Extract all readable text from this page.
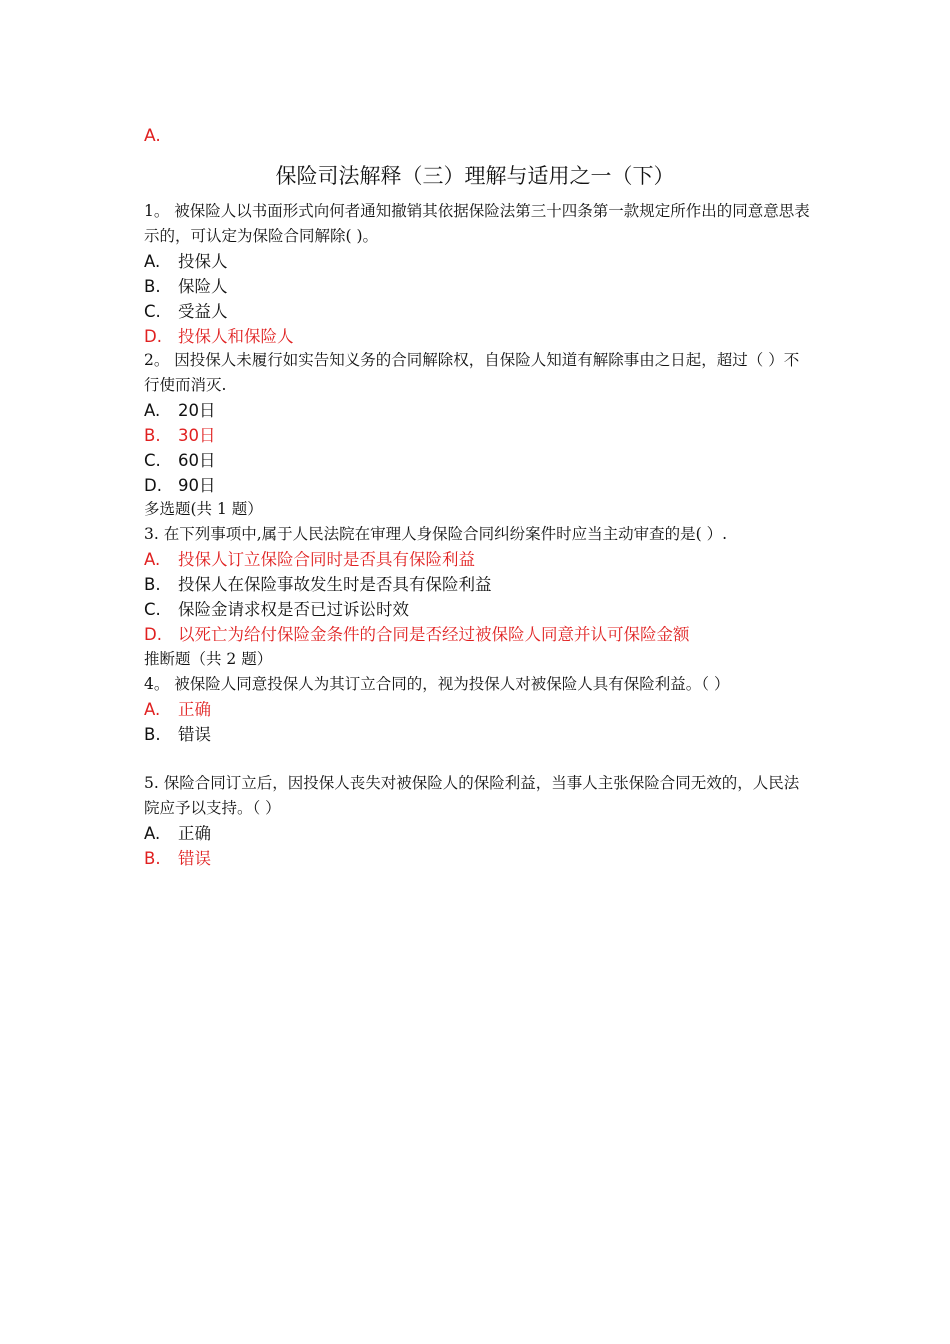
A.
保险司法解释（三）理解与适用之一（下）
1。 被保险人以书面形式向何者通知撤销其依据保险法第三十四条第一款规定所作出的同意意思表示的，可认定为保险合同解除( )。
A. 投保人
B. 保险人
C. 受益人
D. 投保人和保险人
2。 因投保人未履行如实告知义务的合同解除权，自保险人知道有解除事由之日起，超过（ ）不行使而消灭.
A. 20日
B. 30日
C. 60日
D. 90日
多选题(共 1 题）
3. 在下列事项中,属于人民法院在审理人身保险合同纠纷案件时应当主动审查的是( ）.
A. 投保人订立保险合同时是否具有保险利益
B. 投保人在保险事故发生时是否具有保险利益
C. 保险金请求权是否已过诉讼时效
D. 以死亡为给付保险金条件的合同是否经过被保险人同意并认可保险金额
推断题（共 2 题）
4。 被保险人同意投保人为其订立合同的，视为投保人对被保险人具有保险利益。（ ）
A. 正确
B. 错误
5. 保险合同订立后，因投保人丧失对被保险人的保险利益，当事人主张保险合同无效的，人民法院应予以支持。（ ）
A. 正确
B. 错误
